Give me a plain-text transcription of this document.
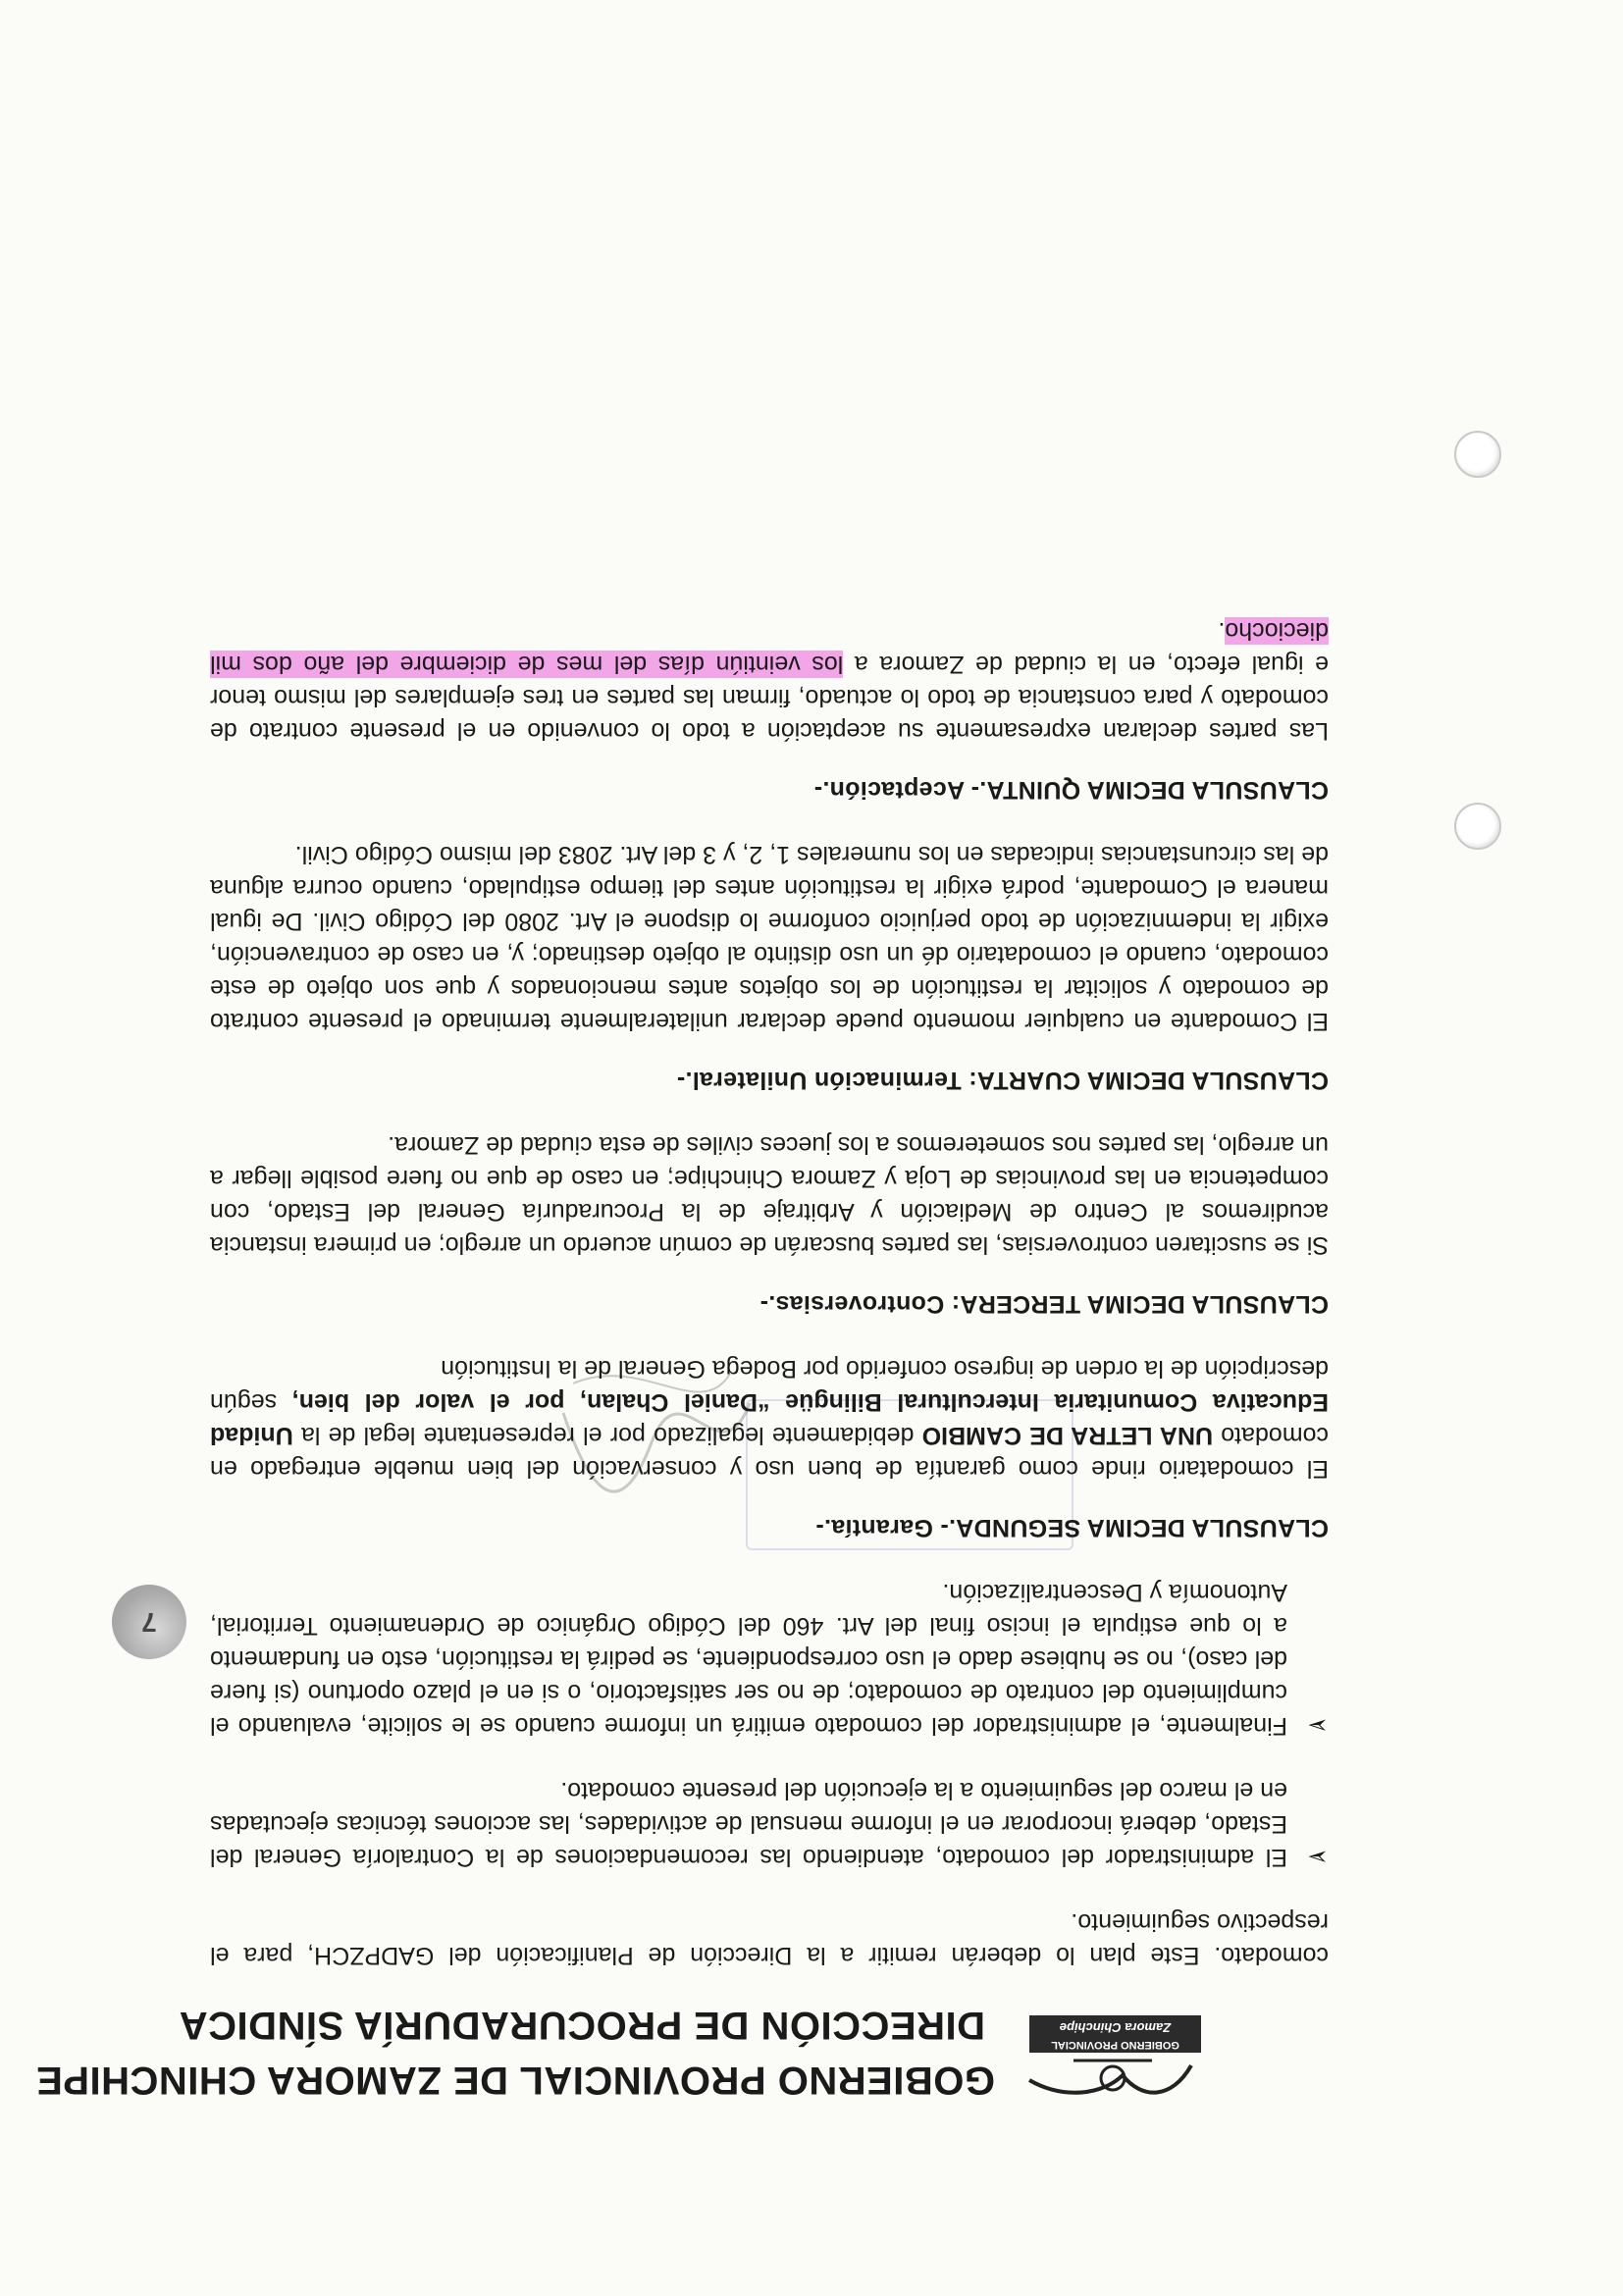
7
GOBIERNO PROVINCIAL
Zamora Chinchipe
GOBIERNO PROVINCIAL DE ZAMORA CHINCHIPE
DIRECCIÓN DE PROCURADURÍA SÍNDICA

comodato. Este plan lo deberán remitir a la Dirección de Planificación del GADPZCH, para el respectivo seguimiento.

➢
El administrador del comodato, atendiendo las recomendaciones de la Contraloría General del Estado, deberá incorporar en el informe mensual de actividades, las acciones técnicas ejecutadas en el marco del seguimiento a la ejecución del presente comodato.
➢
Finalmente, el administrador del comodato emitirá un informe cuando se le solicite, evaluando el cumplimiento del contrato de comodato; de no ser satisfactorio, o si en el plazo oportuno (si fuere del caso), no se hubiese dado el uso correspondiente, se pedirá la restitución, esto en fundamento a lo que estipula el inciso final del Art. 460 del Código Orgánico de Ordenamiento Territorial, Autonomía y Descentralización.
CLAUSULA DECIMA SEGUNDA.- Garantía.-

El comodatario rinde como garantía de buen uso y conservación del bien mueble entregado en comodato UNA LETRA DE CAMBIO debidamente legalizado por el representante legal de la Unidad Educativa Comunitaria Intercultural Bilingüe “Daniel Chalan, por el valor del bien, según descripción de la orden de ingreso conferido por Bodega General de la Institución

CLAUSULA DECIMA TERCERA: Controversias.-

Si se suscitaren controversias, las partes buscarán de común acuerdo un arreglo; en primera instancia acudiremos al Centro de Mediación y Arbitraje de la Procuraduría General del Estado, con competencia en las provincias de Loja y Zamora Chinchipe; en caso de que no fuere posible llegar a un arreglo, las partes nos someteremos a los jueces civiles de esta ciudad de Zamora.

CLAUSULA DECIMA CUARTA: Terminación Unilateral.-

El Comodante en cualquier momento puede declarar unilateralmente terminado el presente contrato de comodato y solicitar la restitución de los objetos antes mencionados y que son objeto de este comodato, cuando el comodatario dé un uso distinto al objeto destinado; y, en caso de contravención, exigir la indemnización de todo perjuicio conforme lo dispone el Art. 2080 del Código Civil. De igual manera el Comodante, podrá exigir la restitución antes del tiempo estipulado, cuando ocurra alguna de las circunstancias indicadas en los numerales 1, 2, y 3 del Art. 2083 del mismo Código Civil.

CLAUSULA DECIMA QUINTA.- Aceptación.-

Las partes declaran expresamente su aceptación a todo lo convenido en el presente contrato de comodato y para constancia de todo lo actuado, firman las partes en tres ejemplares del mismo tenor e igual efecto, en la ciudad de Zamora a los veintiún días del mes de diciembre del año dos mil dieciocho.
